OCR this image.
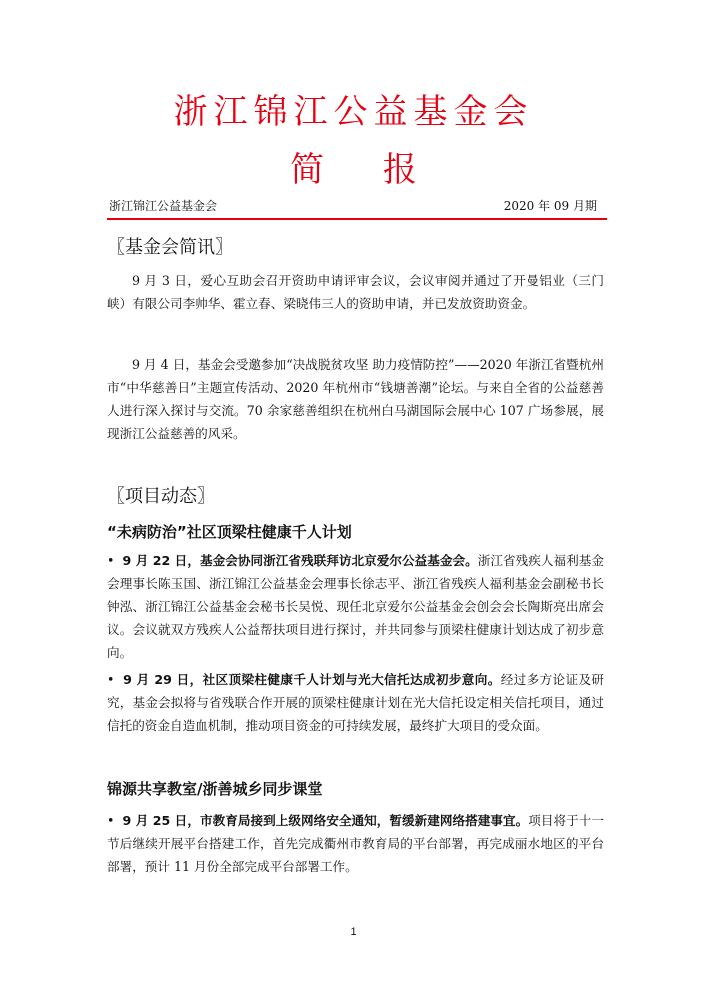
浙江锦江公益基金会
简 报
浙江锦江公益基金会	2020 年 09 月期
〖基金会简讯〗
9 月 3 日，爱心互助会召开资助申请评审会议，会议审阅并通过了开曼铝业（三门峡）有限公司李帅华、霍立春、梁晓伟三人的资助申请，并已发放资助资金。
9 月 4 日，基金会受邀参加“决战脱贫攻坚 助力疫情防控”——2020 年浙江省暨杭州市“中华慈善日”主题宣传活动、2020 年杭州市“钱塘善潮”论坛。与来自全省的公益慈善人进行深入探讨与交流。70 余家慈善组织在杭州白马湖国际会展中心 107 广场参展，展现浙江公益慈善的风采。
〖项目动态〗
“未病防治”社区顶梁柱健康千人计划
•  9 月 22 日，基金会协同浙江省残联拜访北京爱尔公益基金会。浙江省残疾人福利基金会理事长陈玉国、浙江锦江公益基金会理事长徐志平、浙江省残疾人福利基金会副秘书长钟泓、浙江锦江公益基金会秘书长吴悦、现任北京爱尔公益基金会创会会长陶斯亮出席会议。会议就双方残疾人公益帮扶项目进行探讨，并共同参与顶梁柱健康计划达成了初步意向。
•  9 月 29 日，社区顶梁柱健康千人计划与光大信托达成初步意向。经过多方论证及研究，基金会拟将与省残联合作开展的顶梁柱健康计划在光大信托设定相关信托项目，通过信托的资金自造血机制，推动项目资金的可持续发展，最终扩大项目的受众面。
锦源共享教室/浙善城乡同步课堂
•  9 月 25 日，市教育局接到上级网络安全通知，暂缓新建网络搭建事宜。项目将于十一节后继续开展平台搭建工作，首先完成衢州市教育局的平台部署，再完成丽水地区的平台部署，预计 11 月份全部完成平台部署工作。
1
